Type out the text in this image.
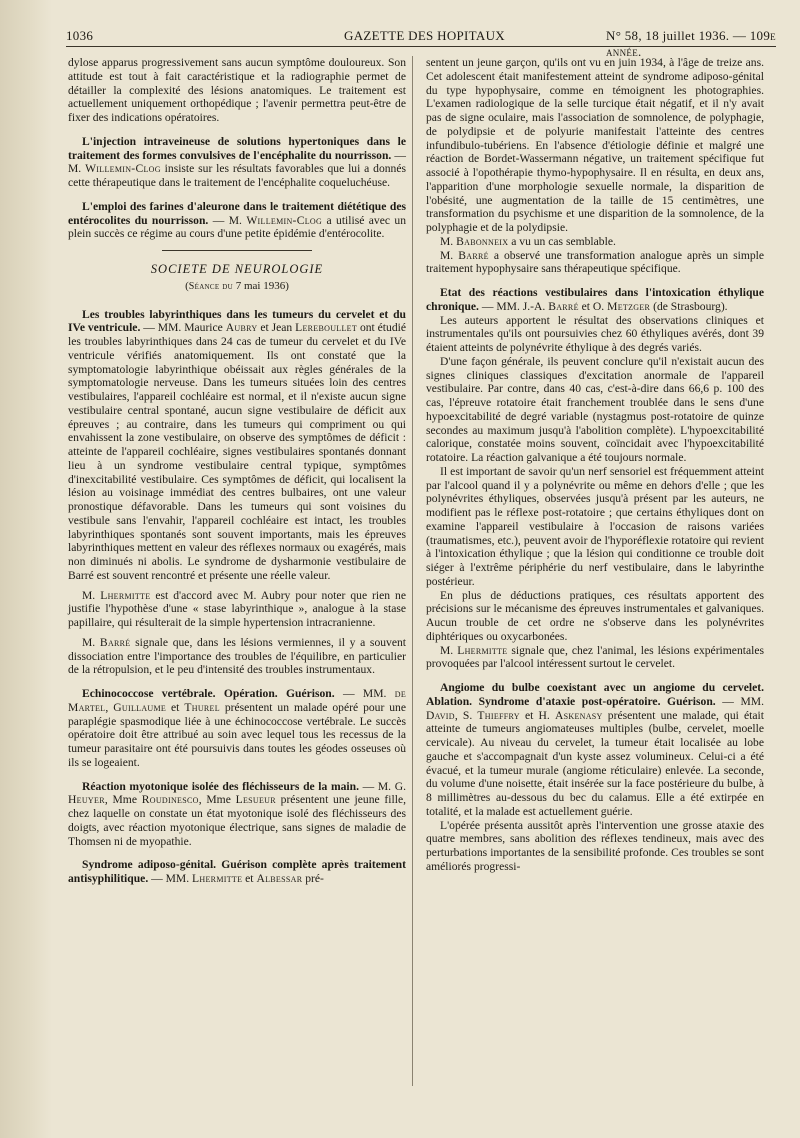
1036	GAZETTE DES HOPITAUX	N° 58, 18 juillet 1936. — 109e année.

dylose apparus progressivement sans aucun symptôme douloureux. Son attitude est tout à fait caractéristique et la radiographie permet de détailler la complexité des lésions anatomiques. Le traitement est actuellement uniquement orthopédique ; l'avenir permettra peut-être de fixer des indications opératoires.

L'injection intraveineuse de solutions hypertoniques dans le traitement des formes convulsives de l'encéphalite du nourrisson. — M. Willemin-Clog insiste sur les résultats favorables que lui a donnés cette thérapeutique dans le traitement de l'encéphalite coqueluchéuse.

L'emploi des farines d'aleurone dans le traitement diététique des entérocolites du nourrisson. — M. Willemin-Clog a utilisé avec un plein succès ce régime au cours d'une petite épidémie d'entérocolite.

SOCIETE DE NEUROLOGIE
(Séance du 7 mai 1936)

Les troubles labyrinthiques dans les tumeurs du cervelet et du IVe ventricule. — MM. Maurice Aubry et Jean Lereboullet ont étudié les troubles labyrinthiques dans 24 cas de tumeur du cervelet et du IVe ventricule vérifiés anatomiquement. Ils ont constaté que la symptomatologie labyrinthique obéissait aux règles générales de la symptomatologie nerveuse. Dans les tumeurs situées loin des centres vestibulaires, l'appareil cochléaire est normal, et il n'existe aucun signe vestibulaire central spontané, aucun signe vestibulaire de déficit aux épreuves ; au contraire, dans les tumeurs qui compriment ou qui envahissent la zone vestibulaire, on observe des symptômes de déficit : atteinte de l'appareil cochléaire, signes vestibulaires spontanés donnant lieu à un syndrome vestibulaire central typique, symptômes d'inexcitabilité vestibulaire. Ces symptômes de déficit, qui localisent la lésion au voisinage immédiat des centres bulbaires, ont une valeur pronostique défavorable. Dans les tumeurs qui sont voisines du vestibule sans l'envahir, l'appareil cochléaire est intact, les troubles labyrinthiques spontanés sont souvent importants, mais les épreuves labyrinthiques mettent en valeur des réflexes normaux ou exagérés, mais non diminués ni abolis. Le syndrome de dysharmonie vestibulaire de Barré est souvent rencontré et présente une réelle valeur.

M. Lhermitte est d'accord avec M. Aubry pour noter que rien ne justifie l'hypothèse d'une « stase labyrinthique », analogue à la stase papillaire, qui résulterait de la simple hypertension intracranienne.

M. Barré signale que, dans les lésions vermiennes, il y a souvent dissociation entre l'importance des troubles de l'équilibre, en particulier de la rétropulsion, et le peu d'intensité des troubles instrumentaux.

Echinococcose vertébrale. Opération. Guérison. — MM. de Martel, Guillaume et Thurel présentent un malade opéré pour une paraplégie spasmodique liée à une échinococcose vertébrale. Le succès opératoire doit être attribué au soin avec lequel tous les recessus de la tumeur parasitaire ont été poursuivis dans toutes les géodes osseuses où ils se logeaient.

Réaction myotonique isolée des fléchisseurs de la main. — M. G. Heuyer, Mme Roudinesco, Mme Lesueur présentent une jeune fille, chez laquelle on constate un état myotonique isolé des fléchisseurs des doigts, avec réaction myotonique électrique, sans signes de maladie de Thomsen ni de myopathie.

Syndrome adiposo-génital. Guérison complète après traitement antisyphilitique. — MM. Lhermitte et Albessar pré-

sentent un jeune garçon, qu'ils ont vu en juin 1934, à l'âge de treize ans. Cet adolescent était manifestement atteint de syndrome adiposo-génital du type hypophysaire, comme en témoignent les photographies. L'examen radiologique de la selle turcique était négatif, et il n'y avait pas de signe oculaire, mais l'association de somnolence, de polyphagie, de polydipsie et de polyurie manifestait l'atteinte des centres infundibulo-tubériens. En l'absence d'étiologie définie et malgré une réaction de Bordet-Wassermann négative, un traitement spécifique fut associé à l'opothérapie thymo-hypophysaire. Il en résulta, en deux ans, l'apparition d'une morphologie sexuelle normale, la disparition de l'obésité, une augmentation de la taille de 15 centimètres, une transformation du psychisme et une disparition de la somnolence, de la polyphagie et de la polydipsie.

M. Babonneix a vu un cas semblable.

M. Barré a observé une transformation analogue après un simple traitement hypophysaire sans thérapeutique spécifique.

Etat des réactions vestibulaires dans l'intoxication éthylique chronique. — MM. J.-A. Barré et O. Metzger (de Strasbourg).

Les auteurs apportent le résultat des observations cliniques et instrumentales qu'ils ont poursuivies chez 60 éthyliques avérés, dont 39 étaient atteints de polynévrite éthylique à des degrés variés.

D'une façon générale, ils peuvent conclure qu'il n'existait aucun des signes cliniques classiques d'excitation anormale de l'appareil vestibulaire. Par contre, dans 40 cas, c'est-à-dire dans 66,6 p. 100 des cas, l'épreuve rotatoire était franchement troublée dans le sens d'une hypoexcitabilité de degré variable (nystagmus post-rotatoire de quinze secondes au maximum jusqu'à l'abolition complète). L'hypoexcitabilité calorique, constatée moins souvent, coïncidait avec l'hypoexcitabilité rotatoire. La réaction galvanique a été toujours normale.

Il est important de savoir qu'un nerf sensoriel est fréquemment atteint par l'alcool quand il y a polynévrite ou même en dehors d'elle ; que les polynévrites éthyliques, observées jusqu'à présent par les auteurs, ne modifient pas le réflexe post-rotatoire ; que certains éthyliques dont on examine l'appareil vestibulaire à l'occasion de raisons variées (traumatismes, etc.), peuvent avoir de l'hyporéflexie rotatoire qui revient à l'intoxication éthylique ; que la lésion qui conditionne ce trouble doit siéger à l'extrême périphérie du nerf vestibulaire, dans le labyrinthe postérieur.

En plus de déductions pratiques, ces résultats apportent des précisions sur le mécanisme des épreuves instrumentales et galvaniques. Aucun trouble de cet ordre ne s'observe dans les polynévrites diphtériques ou oxycarbonées.

M. Lhermitte signale que, chez l'animal, les lésions expérimentales provoquées par l'alcool intéressent surtout le cervelet.

Angiome du bulbe coexistant avec un angiome du cervelet. Ablation. Syndrome d'ataxie post-opératoire. Guérison. — MM. David, S. Thieffry et H. Askenasy présentent une malade, qui était atteinte de tumeurs angiomateuses multiples (bulbe, cervelet, moelle cervicale). Au niveau du cervelet, la tumeur était localisée au lobe gauche et s'accompagnait d'un kyste assez volumineux. Celui-ci a été évacué, et la tumeur murale (angiome réticulaire) enlevée. La seconde, du volume d'une noisette, était insérée sur la face postérieure du bulbe, à 8 millimètres au-dessous du bec du calamus. Elle a été extirpée en totalité, et la malade est actuellement guérie.

L'opérée présenta aussitôt après l'intervention une grosse ataxie des quatre membres, sans abolition des réflexes tendineux, mais avec des perturbations importantes de la sensibilité profonde. Ces troubles se sont améliorés progressi-
